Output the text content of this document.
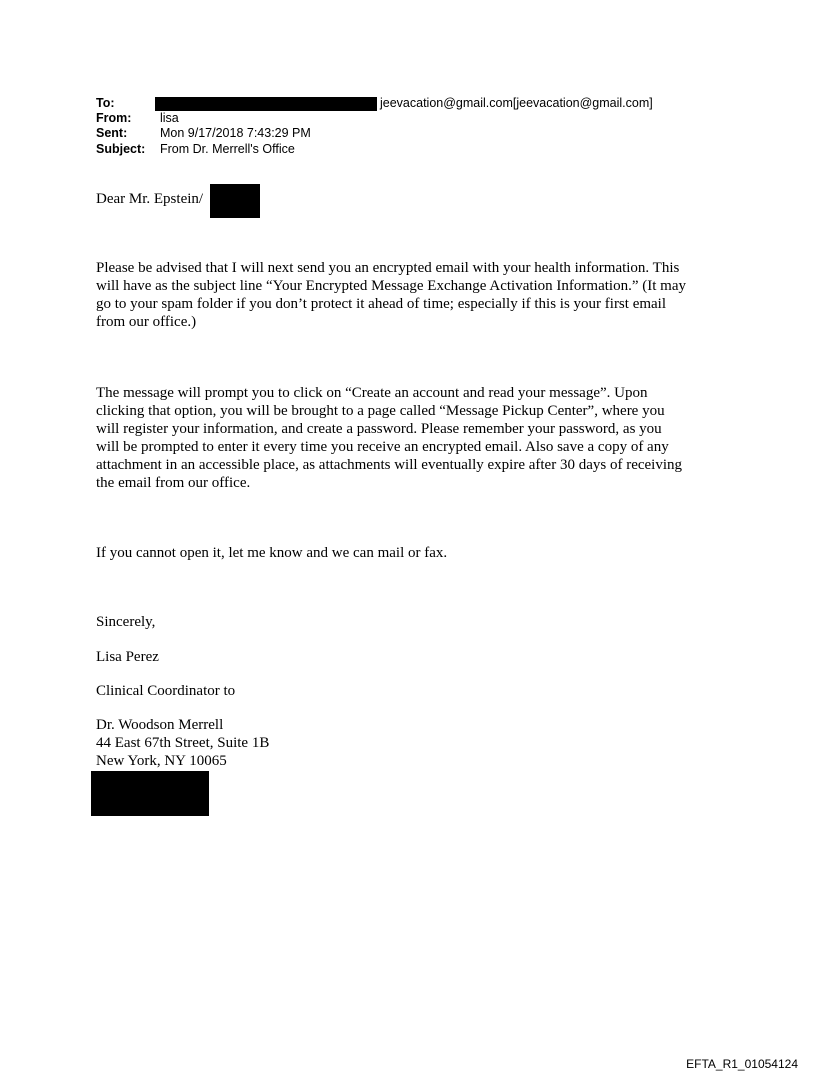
To:	jeevacation@gmail.com[jeevacation@gmail.com]
From: lisa
Sent:	Mon 9/17/2018 7:43:29 PM
Subject: From Dr. Merrell's Office
Dear Mr. Epstein/
Please be advised that I will next send you an encrypted email with your health information. This
will have as the subject line “Your Encrypted Message Exchange Activation Information.” (It may
go to your spam folder if you don’t protect it ahead of time; especially if this is your first email
from our office.)
The message will prompt you to click on “Create an account and read your message”. Upon
clicking that option, you will be brought to a page called “Message Pickup Center”, where you
will register your information, and create a password. Please remember your password, as you
will be prompted to enter it every time you receive an encrypted email. Also save a copy of any
attachment in an accessible place, as attachments will eventually expire after 30 days of receiving
the email from our office.
If you cannot open it, let me know and we can mail or fax.
Sincerely,
Lisa Perez
Clinical Coordinator to
Dr. Woodson Merrell
44 East 67th Street, Suite 1B
New York, NY 10065
EFTA_R1_01054124
